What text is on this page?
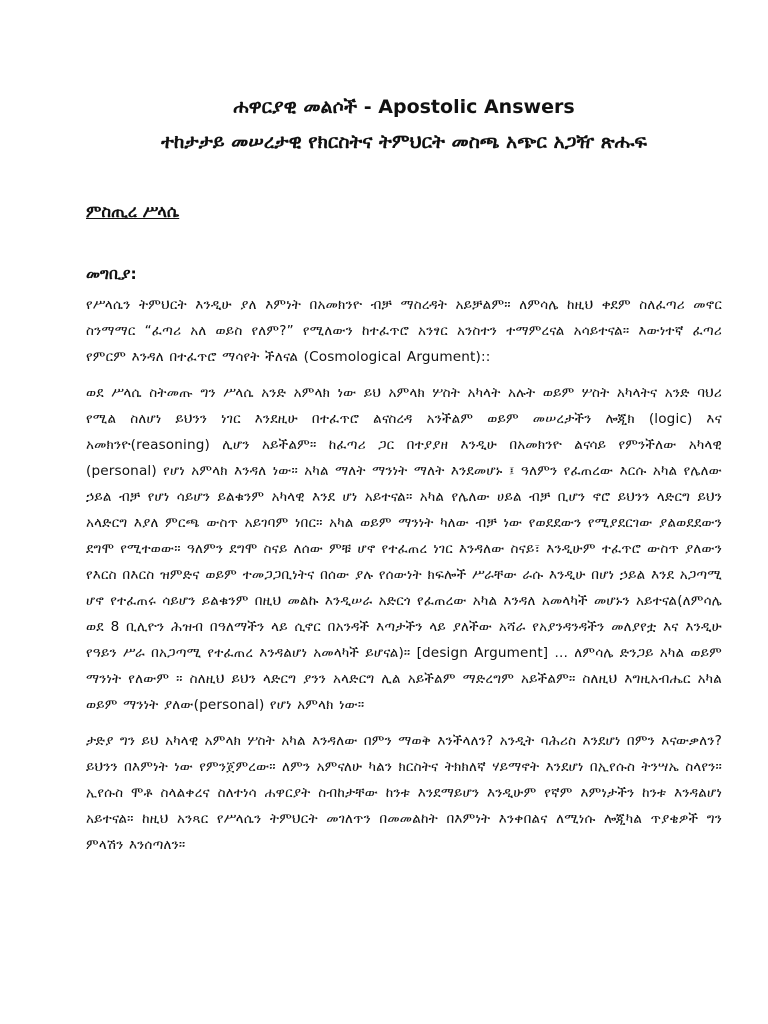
ሐዋርያዊ መልሶች - Apostolic Answers
ተከታታይ መሠረታዊ የክርስትና ትምህርት መስጫ አጭር አጋዥ ጽሑፍ
ምስጢረ ሥላሴ
መግቢያ:

የሥላሴን ትምህርት እንዲሁ ያለ እምነት በአመክንዮ ብቻ ማስረዳት አይቻልም። ለምሳሌ ከዚህ ቀደም ስለፈጣሪ መኖር ስንማማር “ፈጣሪ አለ ወይስ የለም?” የሚለውን ከተፈጥሮ አንፃር አንስተን ተማምረናል አሳይተናል። እውነተኛ ፈጣሪ የምርም እንዳለ በተፈጥሮ ማሳየት ችለናል (Cosmological Argument)::

ወደ ሥላሴ ስትመጡ ግን ሥላሴ አንድ አምላክ ነው ይህ አምላክ ሦስት አካላት አሉት ወይም ሦስት አካላትና አንድ ባህሪ የሚል ስለሆነ ይህንን ነገር እንደዚሁ በተፈጥሮ ልናስረዳ አንችልም ወይም መሠረታችን ሎጂክ (logic) እና አመክንዮ(reasoning) ሊሆን አይችልም። ከፈጣሪ ጋር በተያያዘ እንዲሁ በአመክንዮ ልናሳይ የምንችለው አካላዊ (personal) የሆነ አምላክ እንዳለ ነው። አካል ማለት ማንነት ማለት እንደመሆኑ ፤ ዓለምን የፈጠረው እርሱ አካል የሌለው ኃይል ብቻ የሆነ ሳይሆን ይልቁንም አካላዊ እንደ ሆነ አይተናል። አካል የሌለው ሀይል ብቻ ቢሆን ኖሮ ይህንን ላድርግ ይህን አላድርግ እያለ ምርጫ ውስጥ አይገባም ነበር። አካል ወይም ማንነት ካለው ብቻ ነው የወደደውን የሚያደርገው ያልወደደውን ደግሞ የሚተወው። ዓለምን ደግሞ ስናይ ለሰው ምቹ ሆኖ የተፈጠረ ነገር እንዳለው ስናይ፣ እንዲሁም ተፈጥሮ ውስጥ ያለውን የእርስ በእርስ ዝምድና ወይም ተመጋጋቢነትና በሰው ያሉ የሰውነት ክፍሎች ሥራቸው ራሱ እንዲሁ በሆነ ኃይል እንደ አጋጣሚ ሆኖ የተፈጠሩ ሳይሆን ይልቁንም በዚህ መልኩ እንዲሠራ አድርጎ የፈጠረው አካል እንዳለ አመላካች መሆኑን አይተናል(ለምሳሌ ወደ 8 ቢሊዮን ሕዝብ በዓለማችን ላይ ሲኖር በአንዳች እጣታችን ላይ ያለችው አሻራ የአያንዳንዳችን መለያየቷ እና እንዲሁ የዓይን ሥራ በአጋጣሚ የተፈጠረ እንዳልሆነ አመላካች ይሆናል)። [design Argument] … ለምሳሌ ድንጋይ አካል ወይም ማንነት የለውም ። ስለዚህ ይህን ላድርግ ያንን አላድርግ ሊል አይችልም ማድረግም አይችልም። ስለዚህ እግዚአብሔር አካል ወይም ማንነት ያለው(personal) የሆነ አምላክ ነው።

ታድያ ግን ይህ አካላዊ አምላክ ሦስት አካል እንዳለው በምን ማወቅ እንችላለን? አንዲት ባሕሪስ እንደሆነ በምን እናውቃለን? ይህንን በእምነት ነው የምንጀምረው። ለምን አምናለሁ ካልን ክርስትና ትክክለኛ ሃይማኖት እንደሆነ በኢየሱስ ትንሣኤ ስላየን። ኢየሱስ ሞቶ ስላልቀረና ስለተነሳ ሐዋርያት ስብከታቸው ከንቱ እንደማይሆን እንዲሁም የኛም እምነታችን ከንቱ እንዳልሆነ አይተናል። ከዚህ አንጻር የሥላሴን ትምህርት መገለጥን በመመልከት በእምነት እንቀበልና ለሚነሱ ሎጂካል ጥያቄዎች ግን ምላሽን እንሰጣለን።
